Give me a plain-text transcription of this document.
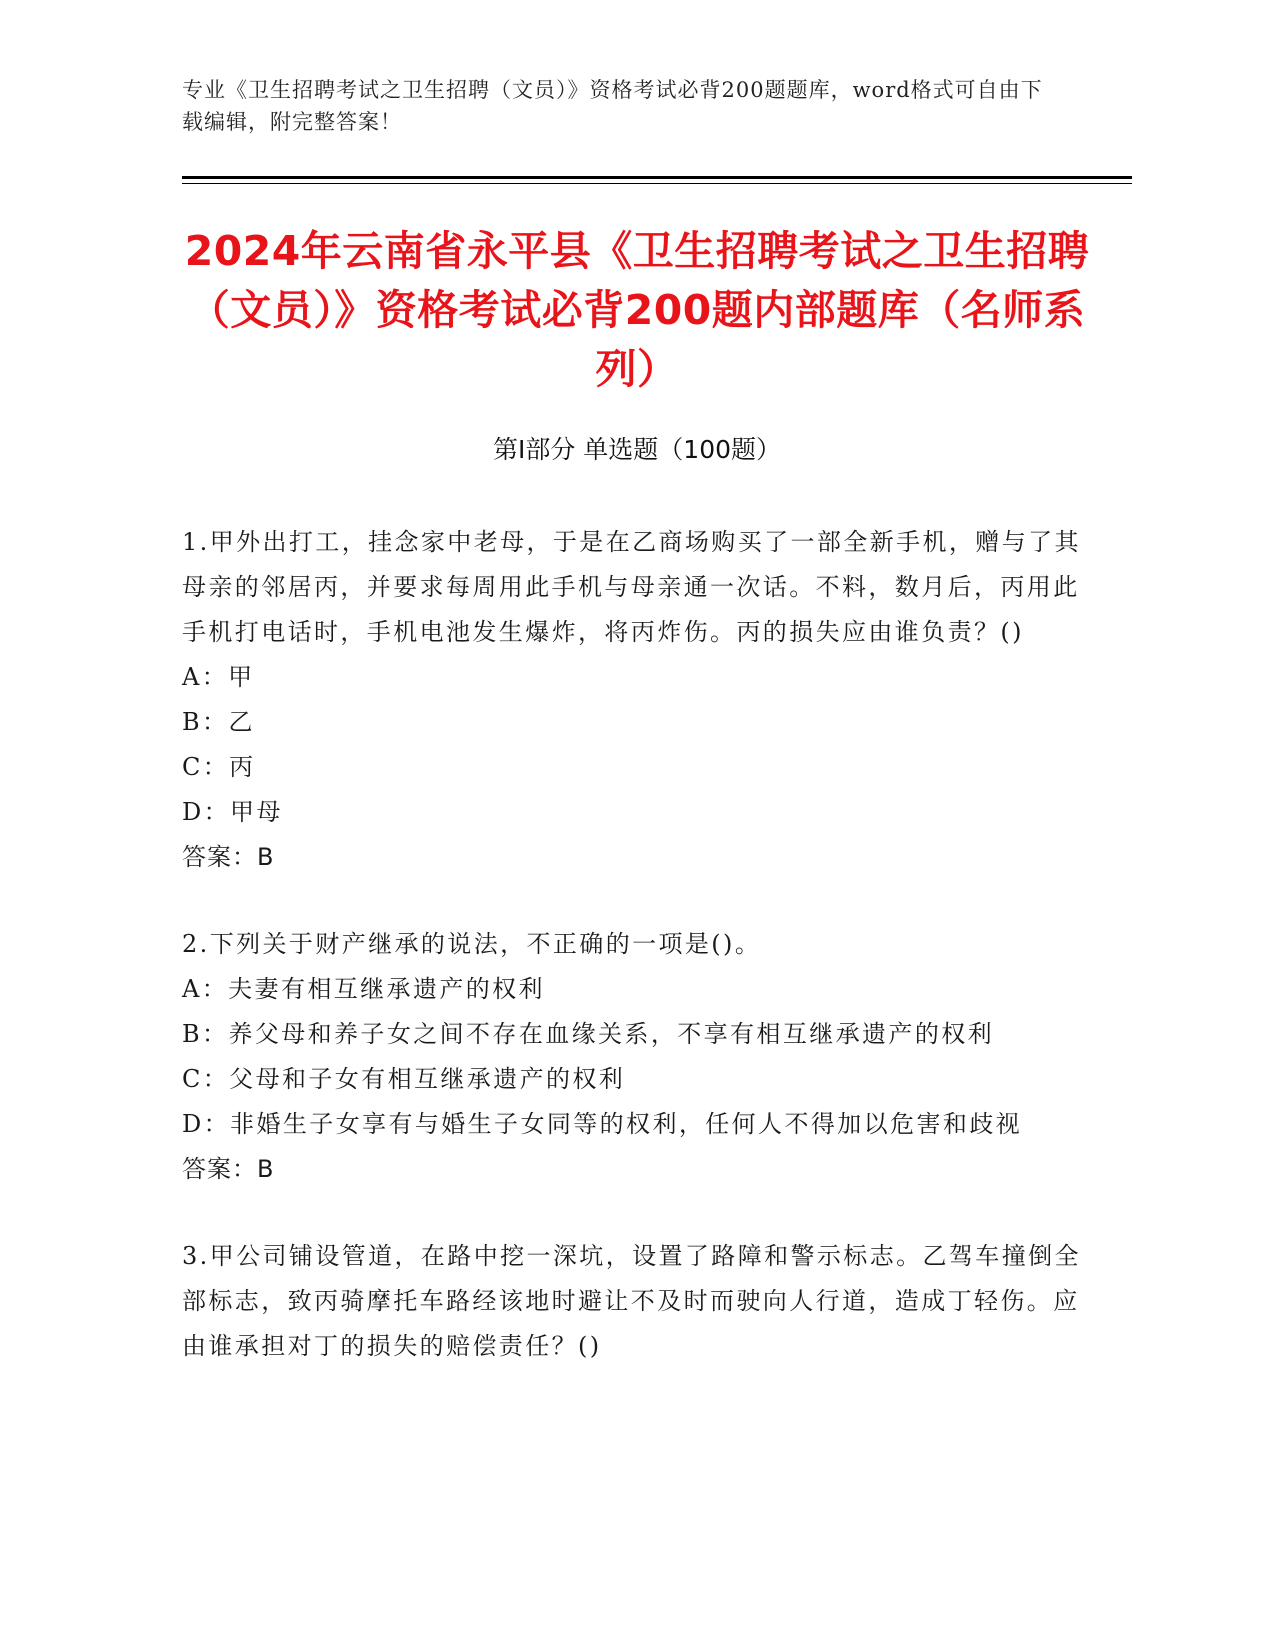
专业《卫生招聘考试之卫生招聘（文员）》资格考试必背200题题库，word格式可自由下载编辑，附完整答案！
2024年云南省永平县《卫生招聘考试之卫生招聘（文员）》资格考试必背200题内部题库（名师系列）
第Ⅰ部分 单选题（100题）

1.甲外出打工，挂念家中老母，于是在乙商场购买了一部全新手机，赠与了其母亲的邻居丙，并要求每周用此手机与母亲通一次话。不料，数月后，丙用此手机打电话时，手机电池发生爆炸，将丙炸伤。丙的损失应由谁负责？()

A： 甲

B： 乙

C： 丙

D： 甲母

答案：B

2.下列关于财产继承的说法，不正确的一项是()。

A： 夫妻有相互继承遗产的权利

B： 养父母和养子女之间不存在血缘关系，不享有相互继承遗产的权利

C： 父母和子女有相互继承遗产的权利

D： 非婚生子女享有与婚生子女同等的权利，任何人不得加以危害和歧视

答案：B

3.甲公司铺设管道，在路中挖一深坑，设置了路障和警示标志。乙驾车撞倒全部标志，致丙骑摩托车路经该地时避让不及时而驶向人行道，造成丁轻伤。应由谁承担对丁的损失的赔偿责任？()
